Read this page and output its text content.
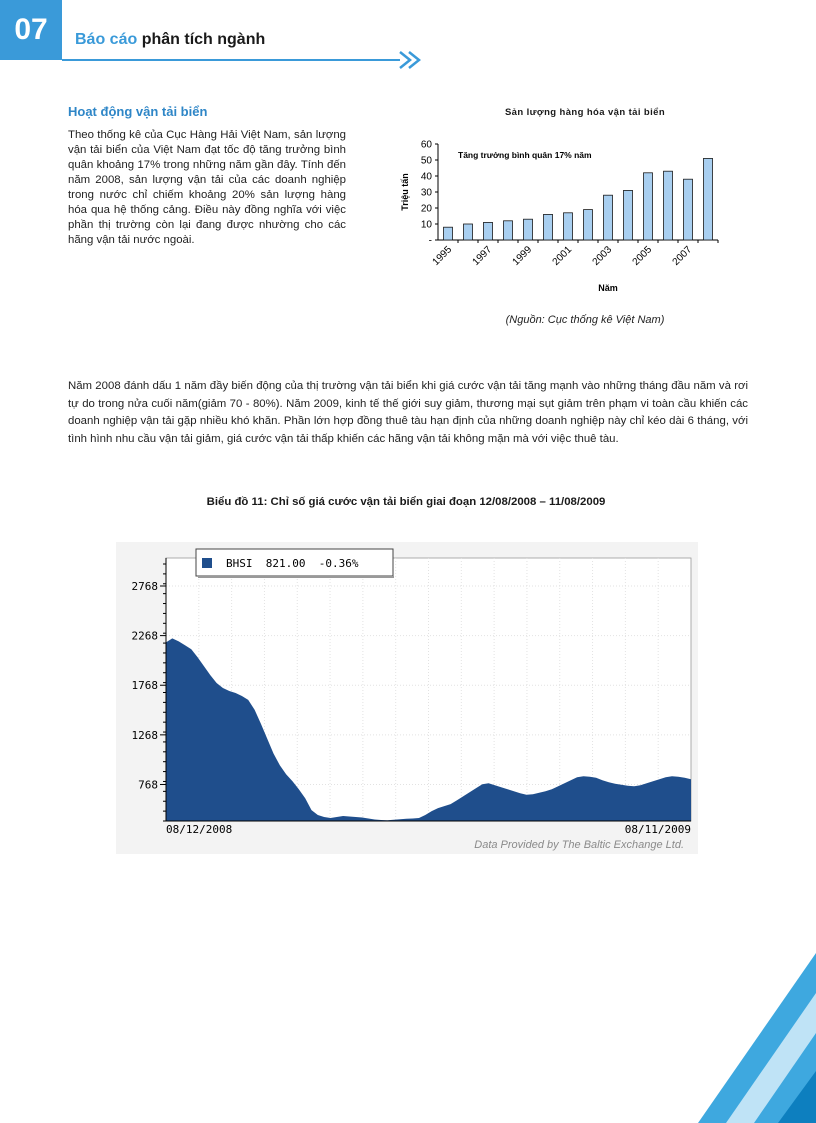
07	Báo cáo phân tích ngành
Hoạt động vận tải biển
Theo thống kê của Cục Hàng Hải Việt Nam, sản lượng vận tải biển của Việt Nam đạt tốc độ tăng trưởng bình quân khoảng 17% trong những năm gần đây. Tính đến năm 2008, sản lượng vận tải của các doanh nghiệp trong nước chỉ chiếm khoảng 20% sản lượng hàng hóa qua hệ thống cảng. Điều này đồng nghĩa với việc phần thị trường còn lại đang được nhường cho các hãng vận tải nước ngoài.
Sản lượng hàng hóa vận tải biển
-
10
20
30
40
50
60
1995 1997 1999 2001 2003 2005 2007
Tăng trưởng bình quân 17% năm
Triệu tấn
Năm
(Nguồn: Cục thống kê Việt Nam)
Năm 2008 đánh dấu 1 năm đầy biến động của thị trường vận tải biển khi giá cước vận tải tăng mạnh vào những tháng đầu năm và rơi tự do trong nửa cuối năm(giảm 70 - 80%). Năm 2009, kinh tế thế giới suy giảm, thương mại sụt giảm trên phạm vi toàn cầu khiến các doanh nghiệp vận tải gặp nhiều khó khăn. Phần lớn hợp đồng thuê tàu hạn định của những doanh nghiệp này chỉ kéo dài 6 tháng, với tình hình nhu cầu vận tải giảm, giá cước vận tải thấp khiến các hãng vận tải không mặn mà với việc thuê tàu.
Biểu đồ 11: Chỉ số giá cước vận tải biển giai đoạn 12/08/2008 – 11/08/2009
2768
2268
1768
1268
768
08/12/2008	08/11/2009
Data Provided by The Baltic Exchange Ltd.
BHSI  821.00  -0.36%
